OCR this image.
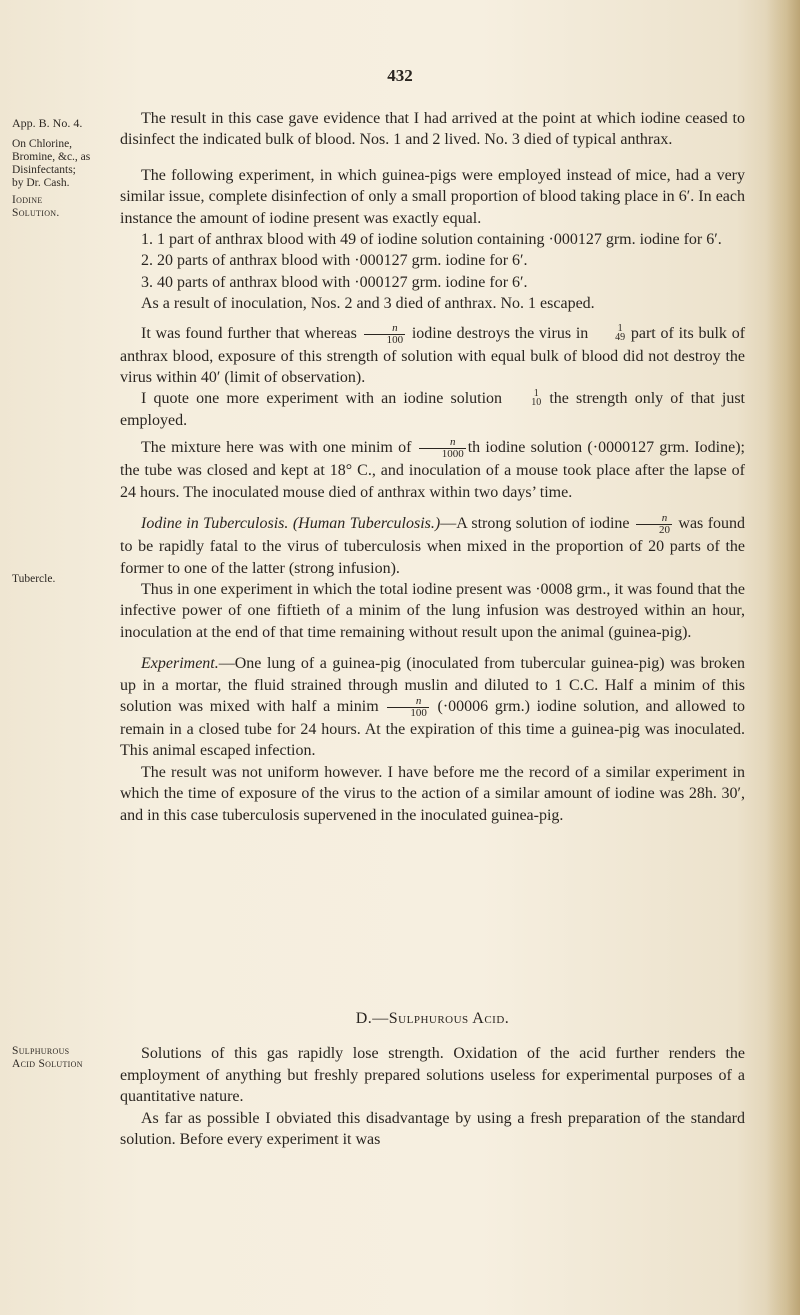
432
App. B. No. 4.
On Chlorine,
Bromine, &c., as
Disinfectants;
by Dr. Cash.
Iodine
Solution.
Tubercle.
Sulphurous
Acid Solution

The result in this case gave evidence that I had arrived at the point at which iodine ceased to disinfect the indicated bulk of blood. Nos. 1 and 2 lived. No. 3 died of typical anthrax.

The following experiment, in which guinea-pigs were employed instead of mice, had a very similar issue, complete disinfection of only a small proportion of blood taking place in 6′. In each instance the amount of iodine present was exactly equal.

1. 1 part of anthrax blood with 49 of iodine solution containing ·000127 grm. iodine for 6′.

2. 20 parts of anthrax blood with ·000127 grm. iodine for 6′.

3. 40 parts of anthrax blood with ·000127 grm. iodine for 6′.

As a result of inoculation, Nos. 2 and 3 died of anthrax. No. 1 escaped.

It was found further that whereas $\frac{n}{100}$ iodine destroys the virus in	1
49 part of its bulk of anthrax blood, exposure of this strength of solution with equal bulk of blood did not destroy the virus within 40′ (limit of observation).

I quote one more experiment with an iodine solution	1
10 the strength only of that just employed.

The mixture here was with one minim of $\frac{n}{1000}$ th iodine solution (·0000127 grm. Iodine); the tube was closed and kept at 18° C., and inoculation of a mouse took place after the lapse of 24 hours. The inoculated mouse died of anthrax within two days’ time.

Iodine in Tuberculosis. (Human Tuberculosis.)—A strong solution of iodine $\frac{n}{20}$ was found to be rapidly fatal to the virus of tuberculosis when mixed in the proportion of 20 parts of the former to one of the latter (strong infusion).

Thus in one experiment in which the total iodine present was ·0008 grm., it was found that the infective power of one fiftieth of a minim of the lung infusion was destroyed within an hour, inoculation at the end of that time remaining without result upon the animal (guinea-pig).

Experiment.—One lung of a guinea-pig (inoculated from tubercular guinea-pig) was broken up in a mortar, the fluid strained through muslin and diluted to 1 C.C. Half a minim of this solution was mixed with half a minim $\frac{n}{100} (\cdot 00006$ grm.) iodine solution, and allowed to remain in a closed tube for 24 hours. At the expiration of this time a guinea-pig was inoculated. This animal escaped infection.

The result was not uniform however. I have before me the record of a similar experiment in which the time of exposure of the virus to the action of a similar amount of iodine was 28h. 30′, and in this case tuberculosis supervened in the inoculated guinea-pig.

D.—Sulphurous Acid.

Solutions of this gas rapidly lose strength. Oxidation of the acid further renders the employment of anything but freshly prepared solutions useless for experimental purposes of a quantitative nature.

As far as possible I obviated this disadvantage by using a fresh preparation of the standard solution. Before every experiment it was
